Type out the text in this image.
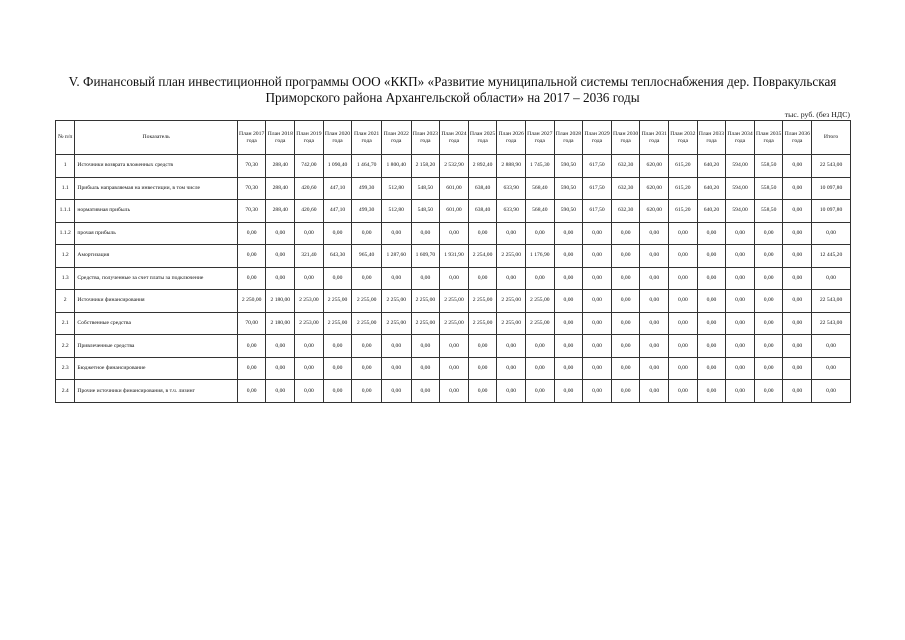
V. Финансовый план инвестиционной программы ООО «ККП» «Развитие муниципальной системы теплоснабжения дер. Повракульская
Приморского района Архангельской области» на 2017 – 2036 годы
тыс. руб. (без НДС)
№ п/п	Показатель	План 2017 года	План 2018 года	План 2019 года	План 2020 года	План 2021 года	План 2022 года	План 2023 года	План 2024 года	План 2025 года	План 2026 года	План 2027 года	План 2028 года	План 2029 года	План 2030 года	План 2031 года	План 2032 года	План 2033 года	План 2034 года	План 2035 года	План 2036 года	Итого
1	Источники возврата вложенных средств	70,30	288,40	742,00	1 090,40	1 464,70	1 800,40	2 158,20	2 532,90	2 892,40	2 888,90	1 745,30	590,50	617,50	632,30	620,00	615,20	640,20	594,00	558,50	0,00	22 543,00
1.1	Прибыль направляемая на инвестиции, в том числе	70,30	288,40	420,60	447,10	499,30	512,80	548,50	601,00	638,40	633,90	568,40	590,50	617,50	632,30	620,00	615,20	640,20	594,00	558,50	0,00	10 097,80
1.1.1	нормативная прибыль	70,30	288,40	420,60	447,10	499,30	512,80	548,50	601,00	638,40	633,90	568,40	590,50	617,50	632,30	620,00	615,20	640,20	594,00	558,50	0,00	10 097,80
1.1.2	прочая прибыль	0,00	0,00	0,00	0,00	0,00	0,00	0,00	0,00	0,00	0,00	0,00	0,00	0,00	0,00	0,00	0,00	0,00	0,00	0,00	0,00	0,00
1.2	Амортизация	0,00	0,00	321,40	643,30	965,40	1 287,60	1 609,70	1 931,90	2 254,00	2 255,00	1 176,90	0,00	0,00	0,00	0,00	0,00	0,00	0,00	0,00	0,00	12 445,20
1.3	Средства, полученные за счет платы за подключение	0,00	0,00	0,00	0,00	0,00	0,00	0,00	0,00	0,00	0,00	0,00	0,00	0,00	0,00	0,00	0,00	0,00	0,00	0,00	0,00	0,00
2	Источники финансирования	2 250,00	2 180,00	2 253,00	2 255,00	2 255,00	2 255,00	2 255,00	2 255,00	2 255,00	2 255,00	2 255,00	0,00	0,00	0,00	0,00	0,00	0,00	0,00	0,00	0,00	22 543,00
2.1	Собственные средства	70,00	2 180,00	2 253,00	2 255,00	2 255,00	2 255,00	2 255,00	2 255,00	2 255,00	2 255,00	2 255,00	0,00	0,00	0,00	0,00	0,00	0,00	0,00	0,00	0,00	22 543,00
2.2	Привлеченные средства	0,00	0,00	0,00	0,00	0,00	0,00	0,00	0,00	0,00	0,00	0,00	0,00	0,00	0,00	0,00	0,00	0,00	0,00	0,00	0,00	0,00
2.3	Бюджетное финансирование	0,00	0,00	0,00	0,00	0,00	0,00	0,00	0,00	0,00	0,00	0,00	0,00	0,00	0,00	0,00	0,00	0,00	0,00	0,00	0,00	0,00
2.4	Прочие источники финансирования, в т.ч. лизинг	0,00	0,00	0,00	0,00	0,00	0,00	0,00	0,00	0,00	0,00	0,00	0,00	0,00	0,00	0,00	0,00	0,00	0,00	0,00	0,00	0,00
